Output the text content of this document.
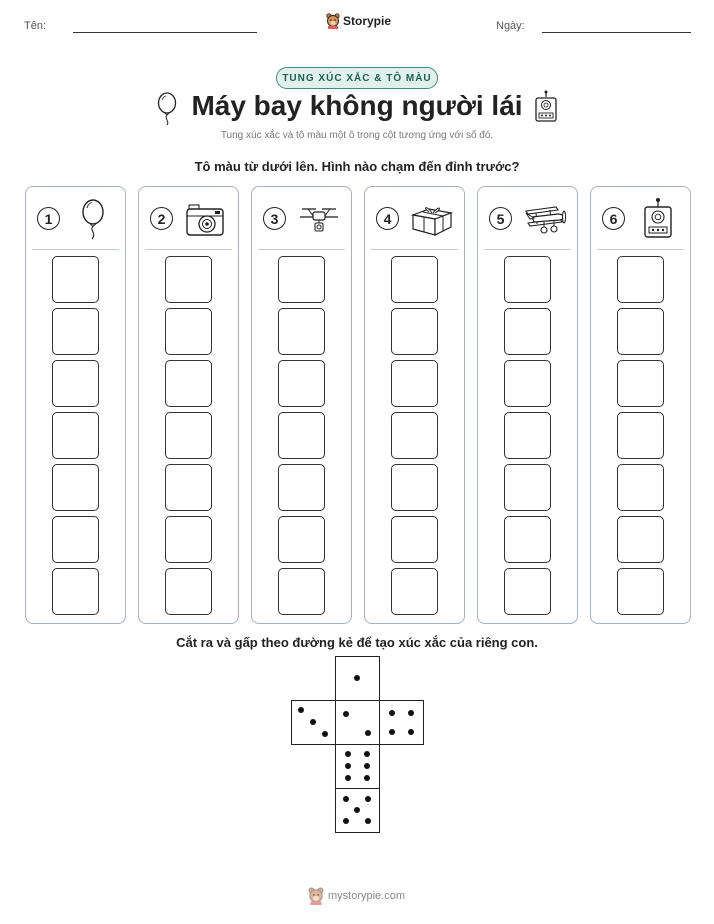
Tên:	Storypie	Ngày:
TUNG XÚC XẮC & TÔ MÀU
Máy bay không người lái
Tung xúc xắc và tô màu một ô trong cột tương ứng với số đó.
Tô màu từ dưới lên. Hình nào chạm đến đỉnh trước?
1	2	3	4	5	6
Cắt ra và gấp theo đường kẻ để tạo xúc xắc của riêng con.
mystorypie.com
